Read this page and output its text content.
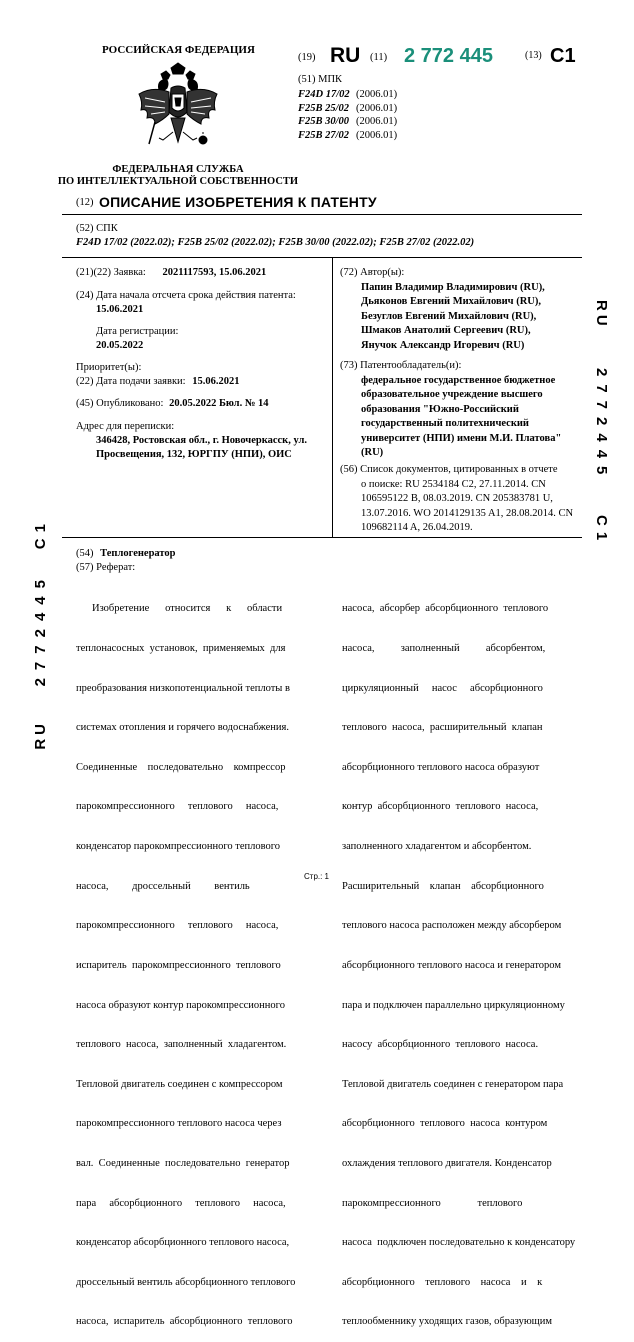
РОССИЙСКАЯ ФЕДЕРАЦИЯ
ФЕДЕРАЛЬНАЯ СЛУЖБА
ПО ИНТЕЛЛЕКТУАЛЬНОЙ СОБСТВЕННОСТИ
(19) RU (11) 2 772 445	(13) C1
(51) МПК
F24D 17/02 (2006.01)
F25B 25/02 (2006.01)
F25B 30/00 (2006.01)
F25B 27/02 (2006.01)
(12) ОПИСАНИЕ ИЗОБРЕТЕНИЯ К ПАТЕНТУ
(52) СПК
F24D 17/02 (2022.02); F25B 25/02 (2022.02); F25B 30/00 (2022.02); F25B 27/02 (2022.02)
(21)(22) Заявка: 2021117593, 15.06.2021
(24) Дата начала отсчета срока действия патента:
15.06.2021
Дата регистрации:
20.05.2022
Приоритет(ы):
(22) Дата подачи заявки: 15.06.2021
(45) Опубликовано: 20.05.2022 Бюл. № 14
Адрес для переписки:
346428, Ростовская обл., г. Новочеркасск, ул.
Просвещения, 132, ЮРГПУ (НПИ), ОИС
(72) Автор(ы):
Папин Владимир Владимирович (RU),
Дьяконов Евгений Михайлович (RU),
Безуглов Евгений Михайлович (RU),
Шмаков Анатолий Сергеевич (RU),
Янучок Александр Игоревич (RU)
(73) Патентообладатель(и):
федеральное государственное бюджетное
образовательное учреждение высшего
образования "Южно-Российский
государственный политехнический
университет (НПИ) имени М.И. Платова"
(RU)
(56) Список документов, цитированных в отчете
о поиске: RU 2534184 C2, 27.11.2014. CN
106595122 B, 08.03.2019. CN 205383781 U,
13.07.2016. WO 2014129135 A1, 28.08.2014. CN
109682114 A, 26.04.2019.
RU
2772445
C1
C1
2772445
RU
(54) Теплогенератор
(57) Реферат:

Изобретение      относится      к      области

теплонасосных  установок,  применяемых  для

преобразования низкопотенциальной теплоты в

системах отопления и горячего водоснабжения.

Соединенные    последовательно    компрессор

парокомпрессионного     теплового     насоса,

конденсатор парокомпрессионного теплового

насоса,         дроссельный         вентиль

парокомпрессионного     теплового     насоса,

испаритель  парокомпрессионного  теплового

насоса образуют контур парокомпрессионного

теплового  насоса,  заполненный  хладагентом.

Тепловой двигатель соединен с компрессором

парокомпрессионного теплового насоса через

вал.  Соединенные  последовательно  генератор

пара     абсорбционного     теплового     насоса,

конденсатор абсорбционного теплового насоса,

дроссельный вентиль абсорбционного теплового

насоса,  испаритель  абсорбционного  теплового

насоса,  абсорбер  абсорбционного  теплового

насоса,          заполненный          абсорбентом,

циркуляционный     насос     абсорбционного

теплового  насоса,  расширительный  клапан

абсорбционного теплового насоса образуют

контур  абсорбционного  теплового  насоса,

заполненного хладагентом и абсорбентом.

Расширительный    клапан    абсорбционного

теплового насоса расположен между абсорбером

абсорбционного теплового насоса и генератором

пара и подключен параллельно циркуляционному

насосу  абсорбционного  теплового  насоса.

Тепловой двигатель соединен с генератором пара

абсорбционного  теплового  насоса  контуром

охлаждения теплового двигателя. Конденсатор

парокомпрессионного              теплового

насоса  подключен последовательно к конденсатору

абсорбционного    теплового    насоса    и    к

теплообменнику уходящих газов, образующим

Стр.: 1
